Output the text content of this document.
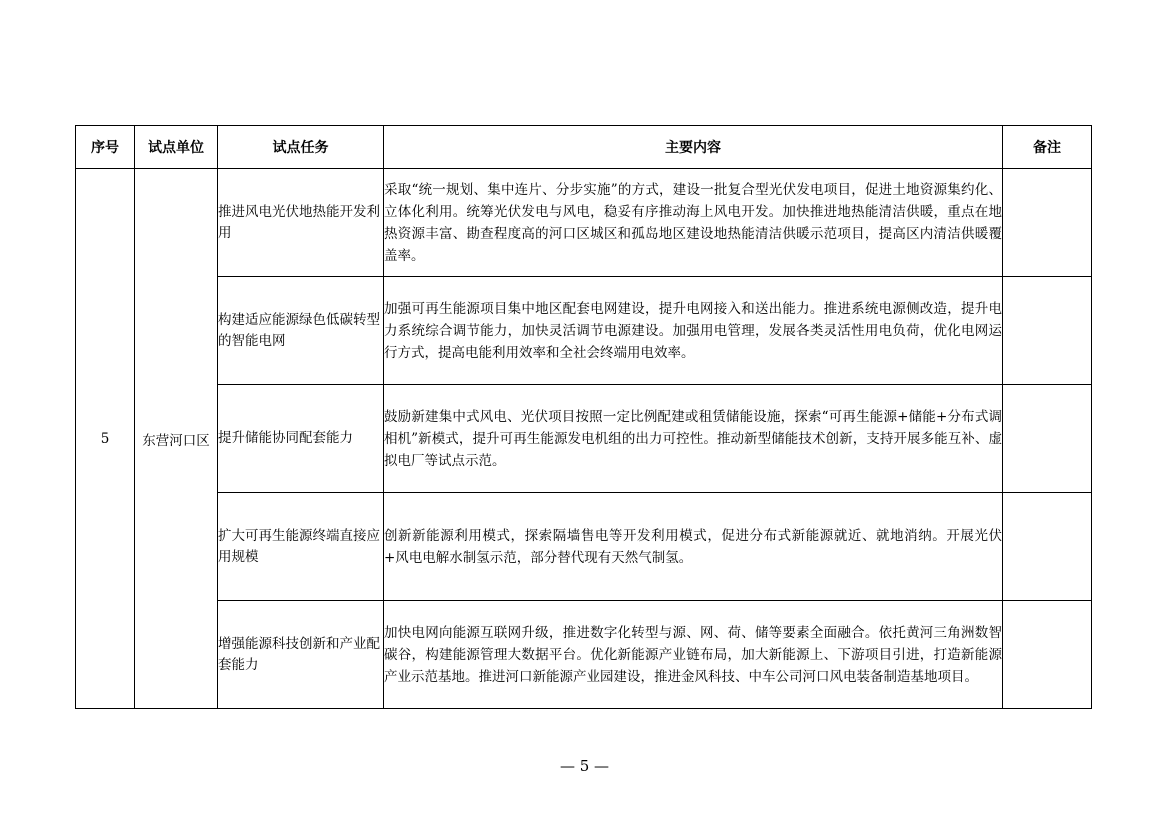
序号	试点单位	试点任务	主要内容	备注
5	东营河口区	推进风电光伏地热能开发利用	采取“统一规划、集中连片、分步实施”的方式，建设一批复合型光伏发电项目，促进土地资源集约化、立体化利用。统筹光伏发电与风电，稳妥有序推动海上风电开发。加快推进地热能清洁供暖，重点在地热资源丰富、勘查程度高的河口区城区和孤岛地区建设地热能清洁供暖示范项目，提高区内清洁供暖覆盖率。	
		构建适应能源绿色低碳转型的智能电网	加强可再生能源项目集中地区配套电网建设，提升电网接入和送出能力。推进系统电源侧改造，提升电力系统综合调节能力，加快灵活调节电源建设。加强用电管理，发展各类灵活性用电负荷，优化电网运行方式，提高电能利用效率和全社会终端用电效率。	
		提升储能协同配套能力	鼓励新建集中式风电、光伏项目按照一定比例配建或租赁储能设施，探索“可再生能源+储能+分布式调相机”新模式，提升可再生能源发电机组的出力可控性。推动新型储能技术创新，支持开展多能互补、虚拟电厂等试点示范。	
		扩大可再生能源终端直接应用规模	创新新能源利用模式，探索隔墙售电等开发利用模式，促进分布式新能源就近、就地消纳。开展光伏+风电电解水制氢示范，部分替代现有天然气制氢。	
		增强能源科技创新和产业配套能力	加快电网向能源互联网升级，推进数字化转型与源、网、荷、储等要素全面融合。依托黄河三角洲数智碳谷，构建能源管理大数据平台。优化新能源产业链布局，加大新能源上、下游项目引进，打造新能源产业示范基地。推进河口新能源产业园建设，推进金风科技、中车公司河口风电装备制造基地项目。	
— 5 —
